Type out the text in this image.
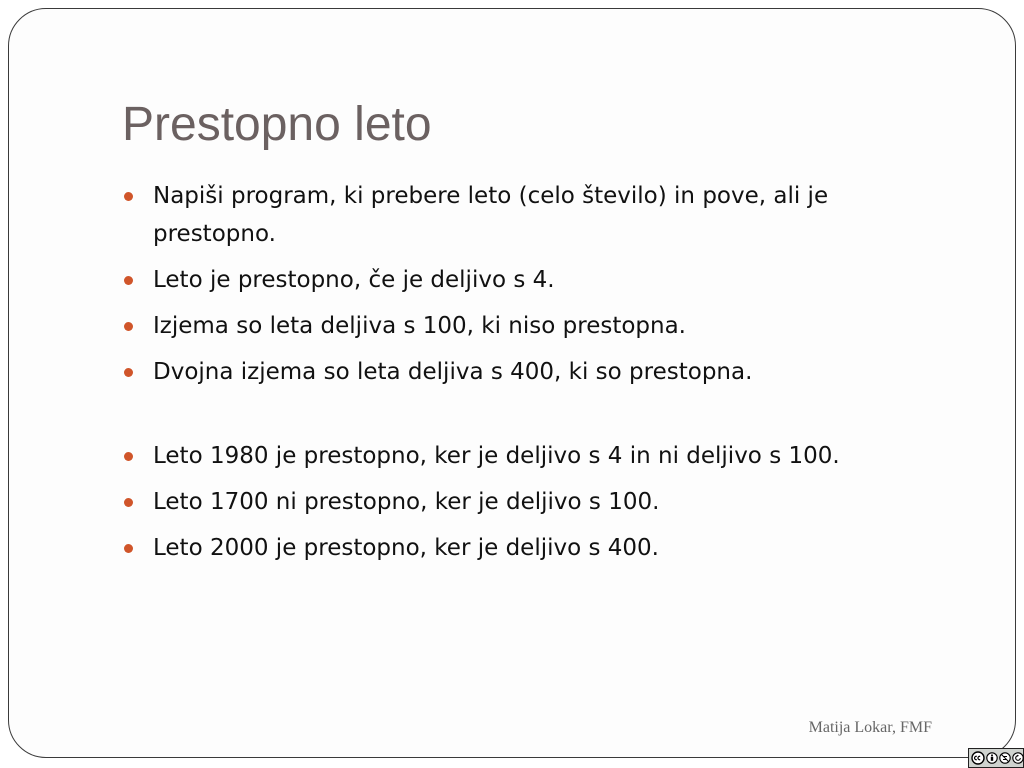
Prestopno leto
Napiši program, ki prebere leto (celo število) in pove, ali je prestopno.
Leto je prestopno, če je deljivo s 4.
Izjema so leta deljiva s 100, ki niso prestopna.
Dvojna izjema so leta deljiva s 400, ki so prestopna.
Leto 1980 je prestopno, ker je deljivo s 4 in ni deljivo s 100.
Leto 1700 ni prestopno, ker je deljivo s 100.
Leto 2000 je prestopno, ker je deljivo s 400.
Matija Lokar, FMF
